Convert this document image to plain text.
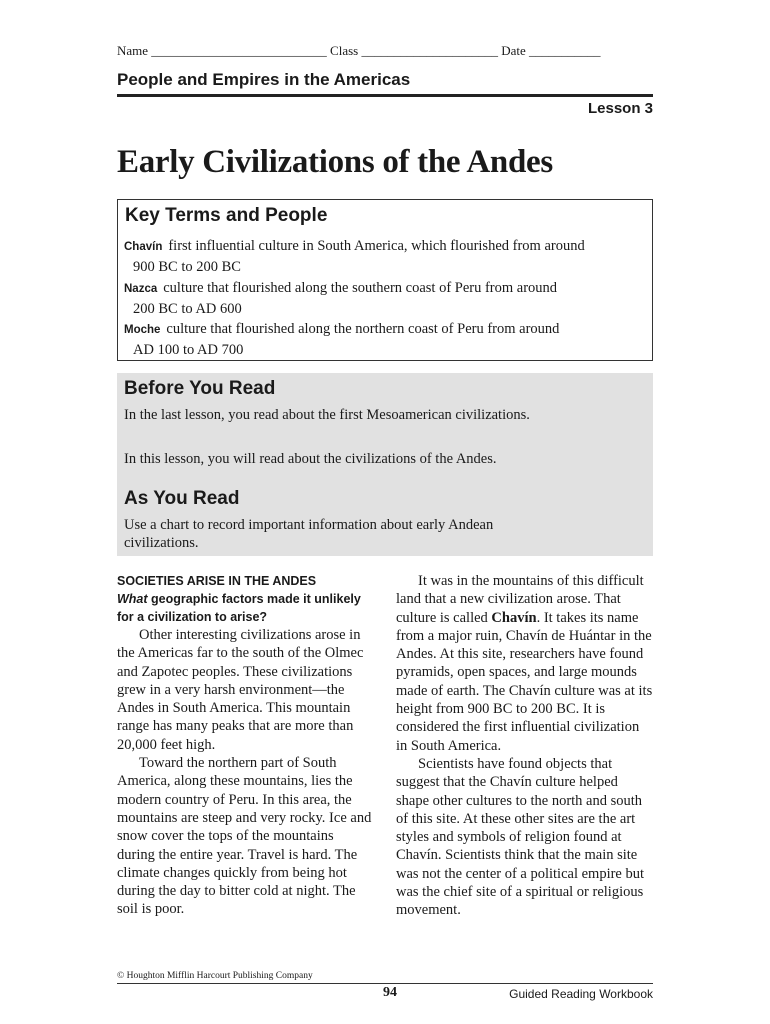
Name ___________________________ Class _____________________ Date ___________
People and Empires in the Americas
Lesson 3
Early Civilizations of the Andes
Key Terms and People
Chavín first influential culture in South America, which flourished from around
900 BC to 200 BC
Nazca culture that flourished along the southern coast of Peru from around
200 BC to AD 600
Moche culture that flourished along the northern coast of Peru from around
AD 100 to AD 700
Before You Read

In the last lesson, you read about the first Mesoamerican civilizations.

In this lesson, you will read about the civilizations of the Andes.

As You Read

Use a chart to record important information about early Andean civilizations.

SOCIETIES ARISE IN THE ANDES
What geographic factors made it unlikely for a civilization to arise?

Other interesting civilizations arose in the Americas far to the south of the Olmec and Zapotec peoples. These civilizations grew in a very harsh environment—the Andes in South America. This mountain range has many peaks that are more than 20,000 feet high.

Toward the northern part of South America, along these mountains, lies the modern country of Peru. In this area, the mountains are steep and very rocky. Ice and snow cover the tops of the mountains during the entire year. Travel is hard. The climate changes quickly from being hot during the day to bitter cold at night. The soil is poor.

It was in the mountains of this difficult land that a new civilization arose. That culture is called Chavín. It takes its name from a major ruin, Chavín de Huántar in the Andes. At this site, researchers have found pyramids, open spaces, and large mounds made of earth. The Chavín culture was at its height from 900 BC to 200 BC. It is considered the first influential civilization in South America.

Scientists have found objects that suggest that the Chavín culture helped shape other cultures to the north and south of this site. At these other sites are the art styles and symbols of religion found at Chavín. Scientists think that the main site was not the center of a political empire but was the chief site of a spiritual or religious movement.

© Houghton Mifflin Harcourt Publishing Company
94	Guided Reading Workbook
